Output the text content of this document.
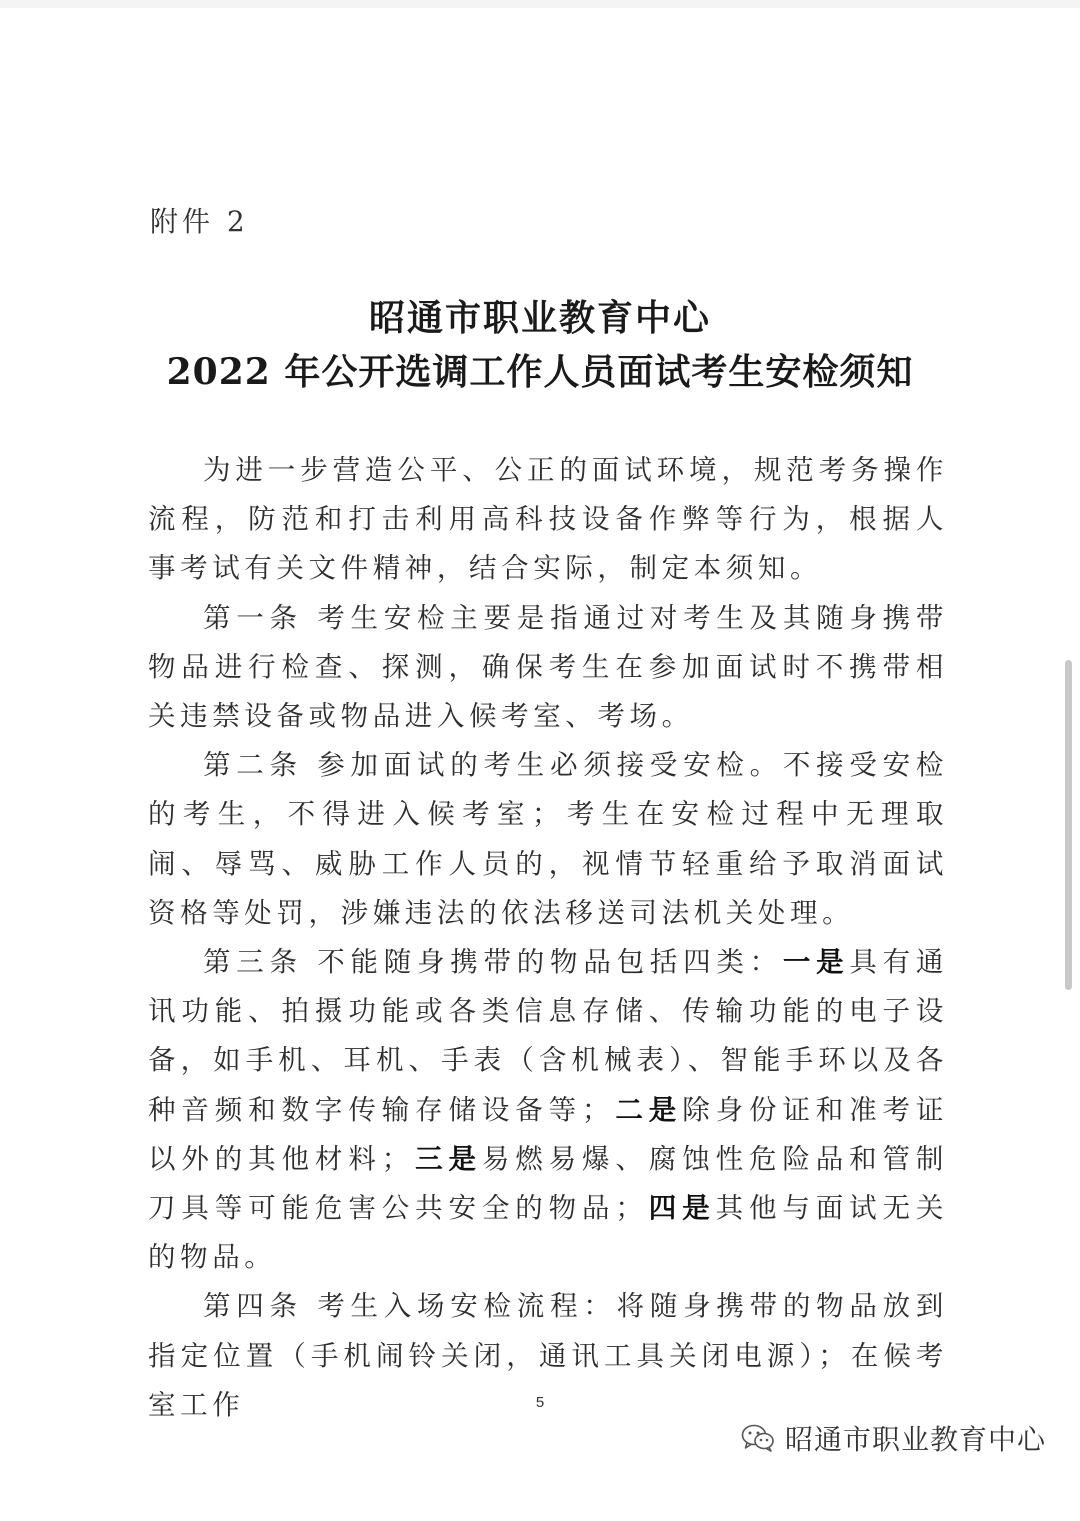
附件 2
昭通市职业教育中心
2022 年公开选调工作人员面试考生安检须知

为进一步营造公平、公正的面试环境，规范考务操作流程，防范和打击利用高科技设备作弊等行为，根据人事考试有关文件精神，结合实际，制定本须知。

第一条 考生安检主要是指通过对考生及其随身携带物品进行检查、探测，确保考生在参加面试时不携带相关违禁设备或物品进入候考室、考场。

第二条 参加面试的考生必须接受安检。不接受安检的考生，不得进入候考室；考生在安检过程中无理取闹、辱骂、威胁工作人员的，视情节轻重给予取消面试资格等处罚，涉嫌违法的依法移送司法机关处理。

第三条 不能随身携带的物品包括四类：一是具有通讯功能、拍摄功能或各类信息存储、传输功能的电子设备，如手机、耳机、手表（含机械表）、智能手环以及各种音频和数字传输存储设备等；二是除身份证和准考证以外的其他材料；三是易燃易爆、腐蚀性危险品和管制刀具等可能危害公共安全的物品；四是其他与面试无关的物品。

第四条 考生入场安检流程：将随身携带的物品放到指定位置（手机闹铃关闭，通讯工具关闭电源）；在候考室工作	5
昭通市职业教育中心
